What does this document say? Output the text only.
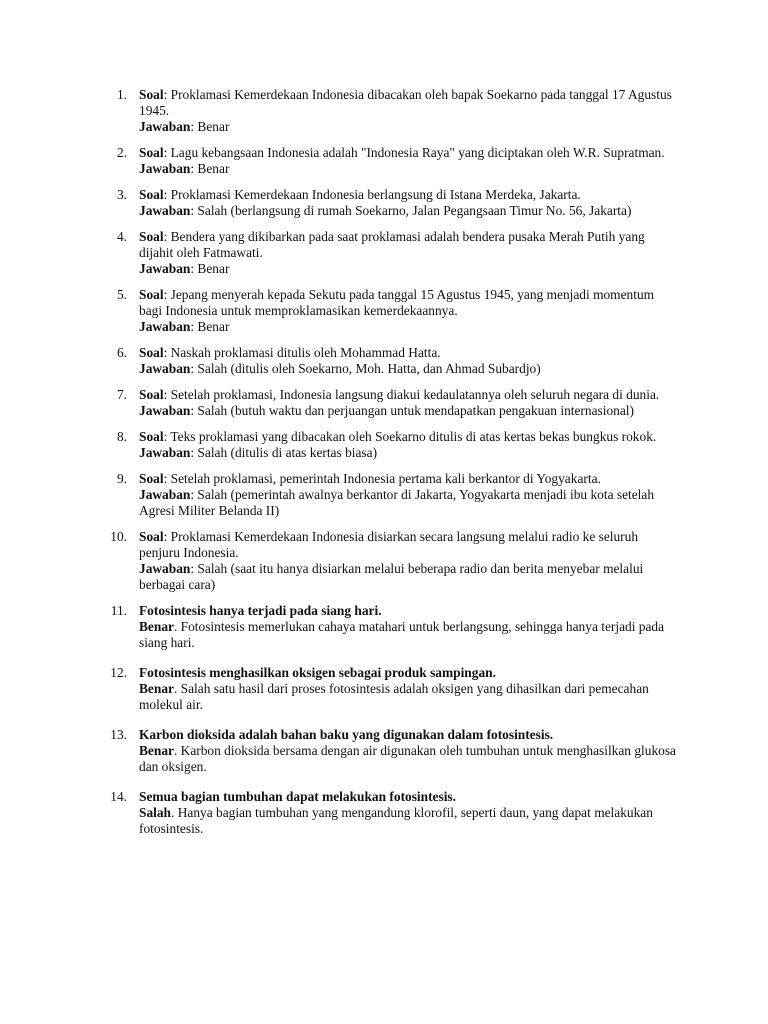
1. Soal: Proklamasi Kemerdekaan Indonesia dibacakan oleh bapak Soekarno pada tanggal 17 Agustus 1945.
Jawaban: Benar
2. Soal: Lagu kebangsaan Indonesia adalah "Indonesia Raya" yang diciptakan oleh W.R. Supratman.
Jawaban: Benar
3. Soal: Proklamasi Kemerdekaan Indonesia berlangsung di Istana Merdeka, Jakarta.
Jawaban: Salah (berlangsung di rumah Soekarno, Jalan Pegangsaan Timur No. 56, Jakarta)
4. Soal: Bendera yang dikibarkan pada saat proklamasi adalah bendera pusaka Merah Putih yang dijahit oleh Fatmawati.
Jawaban: Benar
5. Soal: Jepang menyerah kepada Sekutu pada tanggal 15 Agustus 1945, yang menjadi momentum bagi Indonesia untuk memproklamasikan kemerdekaannya.
Jawaban: Benar
6. Soal: Naskah proklamasi ditulis oleh Mohammad Hatta.
Jawaban: Salah (ditulis oleh Soekarno, Moh. Hatta, dan Ahmad Subardjo)
7. Soal: Setelah proklamasi, Indonesia langsung diakui kedaulatannya oleh seluruh negara di dunia.
Jawaban: Salah (butuh waktu dan perjuangan untuk mendapatkan pengakuan internasional)
8. Soal: Teks proklamasi yang dibacakan oleh Soekarno ditulis di atas kertas bekas bungkus rokok.
Jawaban: Salah (ditulis di atas kertas biasa)
9. Soal: Setelah proklamasi, pemerintah Indonesia pertama kali berkantor di Yogyakarta.
Jawaban: Salah (pemerintah awalnya berkantor di Jakarta, Yogyakarta menjadi ibu kota setelah Agresi Militer Belanda II)
10. Soal: Proklamasi Kemerdekaan Indonesia disiarkan secara langsung melalui radio ke seluruh penjuru Indonesia.
Jawaban: Salah (saat itu hanya disiarkan melalui beberapa radio dan berita menyebar melalui berbagai cara)
11. Fotosintesis hanya terjadi pada siang hari.
Benar. Fotosintesis memerlukan cahaya matahari untuk berlangsung, sehingga hanya terjadi pada siang hari.
12. Fotosintesis menghasilkan oksigen sebagai produk sampingan.
Benar. Salah satu hasil dari proses fotosintesis adalah oksigen yang dihasilkan dari pemecahan molekul air.
13. Karbon dioksida adalah bahan baku yang digunakan dalam fotosintesis.
Benar. Karbon dioksida bersama dengan air digunakan oleh tumbuhan untuk menghasilkan glukosa dan oksigen.
14. Semua bagian tumbuhan dapat melakukan fotosintesis.
Salah. Hanya bagian tumbuhan yang mengandung klorofil, seperti daun, yang dapat melakukan fotosintesis.
